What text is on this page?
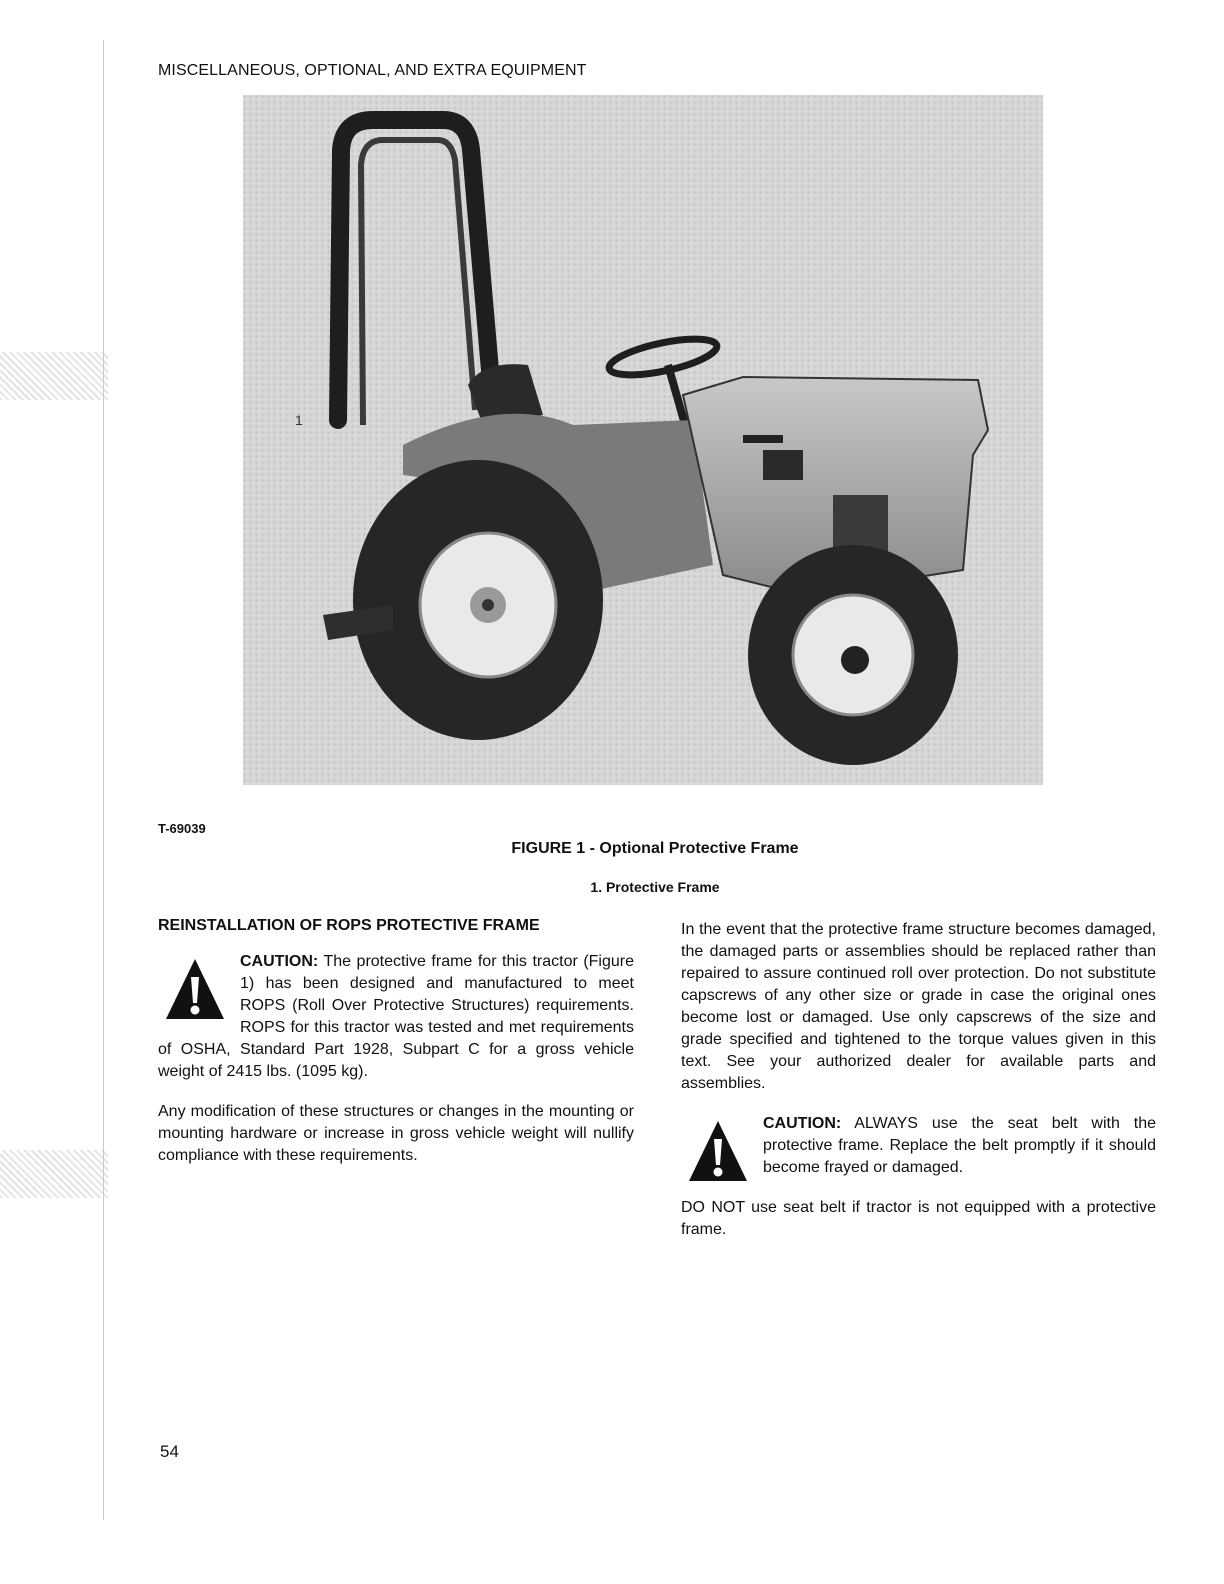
MISCELLANEOUS, OPTIONAL, AND EXTRA EQUIPMENT
1
T-69039
FIGURE 1 - Optional Protective Frame
1. Protective Frame
REINSTALLATION OF ROPS PROTECTIVE FRAME
CAUTION: The protective frame for this tractor (Figure 1) has been designed and manufactured to meet ROPS (Roll Over Protective Structures) requirements. ROPS for this tractor was tested and met requirements of OSHA, Standard Part 1928, Subpart C for a gross vehicle weight of 2415 lbs. (1095 kg).

Any modification of these structures or changes in the mounting or mounting hardware or increase in gross vehicle weight will nullify compliance with these requirements.

In the event that the protective frame structure becomes damaged, the damaged parts or assemblies should be replaced rather than repaired to assure continued roll over protection. Do not substitute capscrews of any other size or grade in case the original ones become lost or damaged. Use only capscrews of the size and grade specified and tightened to the torque values given in this text. See your authorized dealer for available parts and assemblies.

CAUTION: ALWAYS use the seat belt with the protective frame. Replace the belt promptly if it should become frayed or damaged.

DO NOT use seat belt if tractor is not equipped with a protective frame.

54
